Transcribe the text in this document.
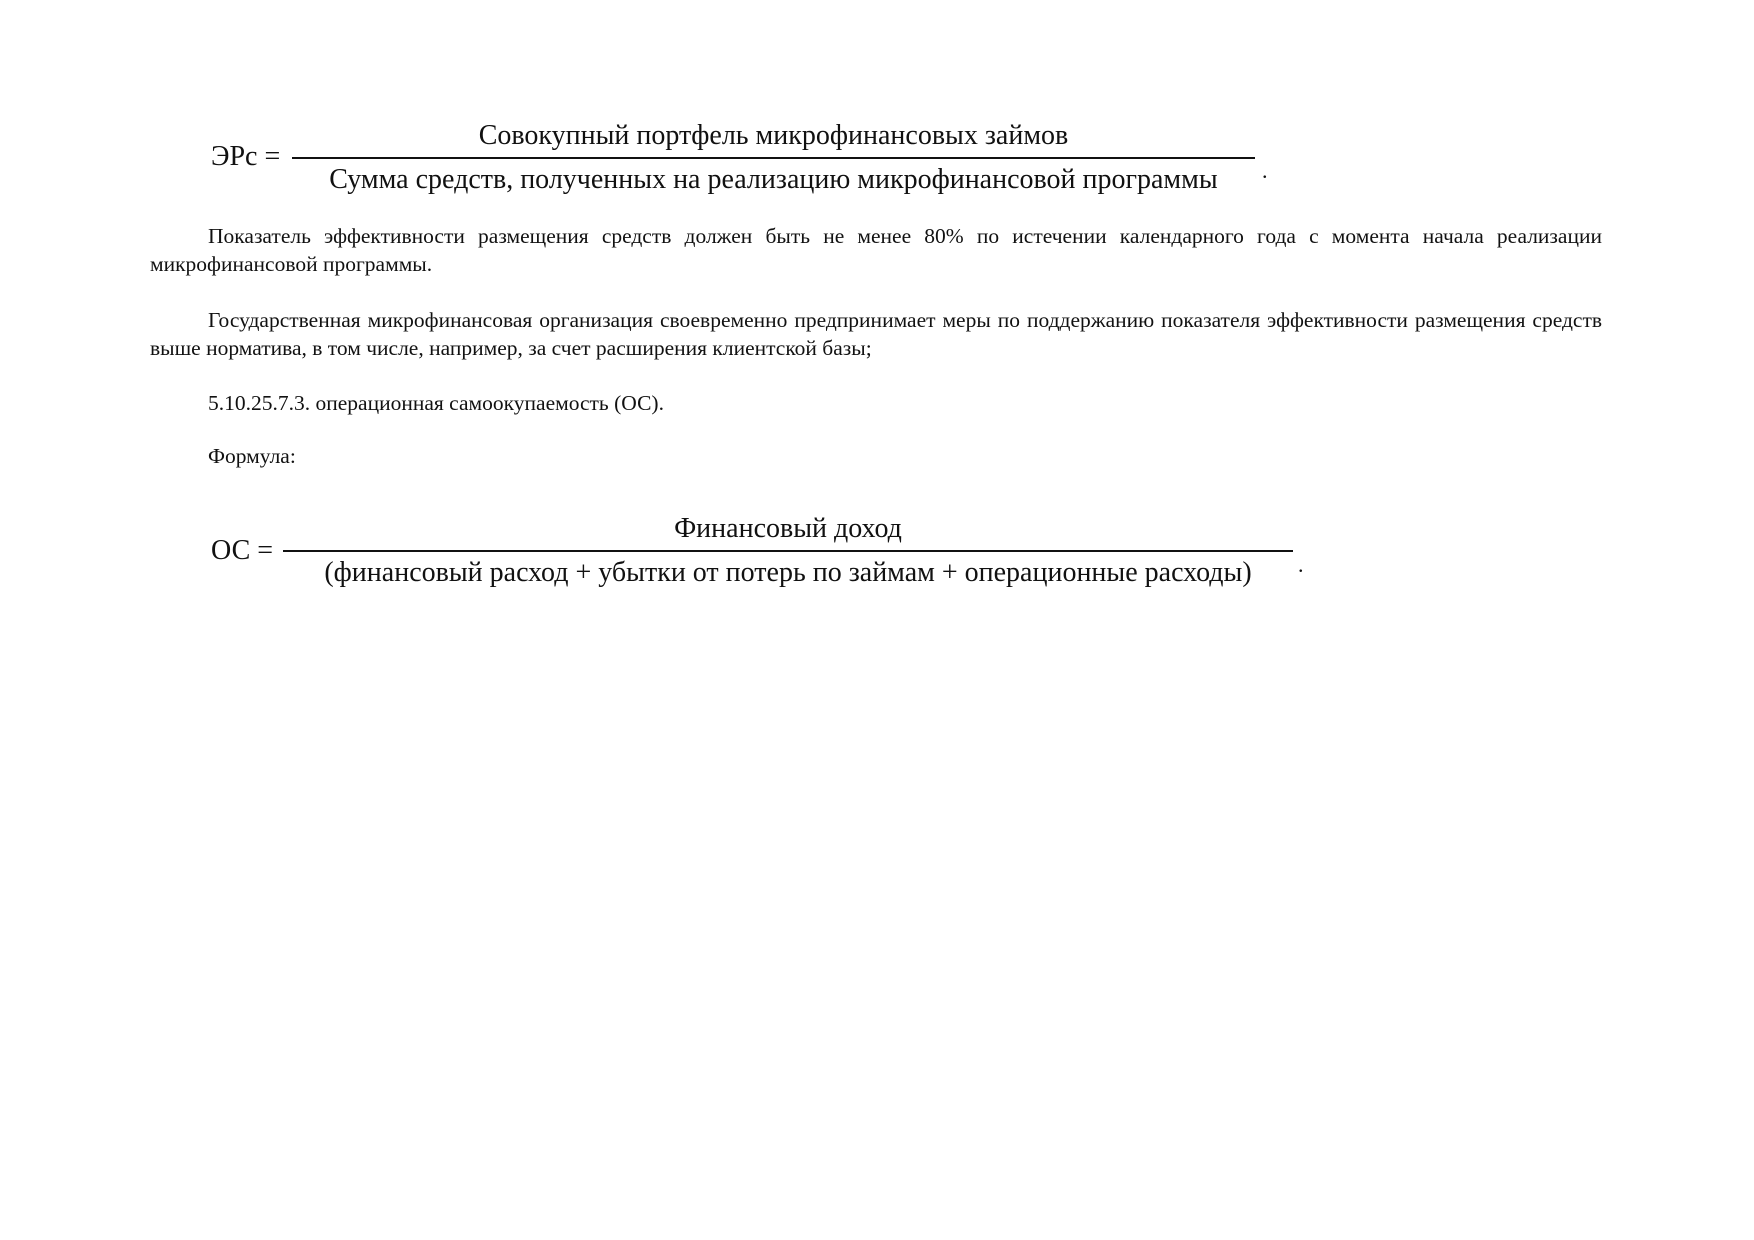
ЭРс =
Совокупный портфель микрофинансовых займов
Сумма средств, полученных на реализацию микрофинансовой программы	.

Показатель эффективности размещения средств должен быть не менее 80% по истечении календарного года с момента начала реализации микрофинансовой программы.

Государственная микрофинансовая организация своевременно предпринимает меры по поддержанию показателя эффективности размещения средств выше норматива, в том числе, например, за счет расширения клиентской базы;

5.10.25.7.3. операционная самоокупаемость (ОС).
Формула:
ОС =
Финансовый доход
(финансовый расход + убытки от потерь по займам + операционные расходы)	.
